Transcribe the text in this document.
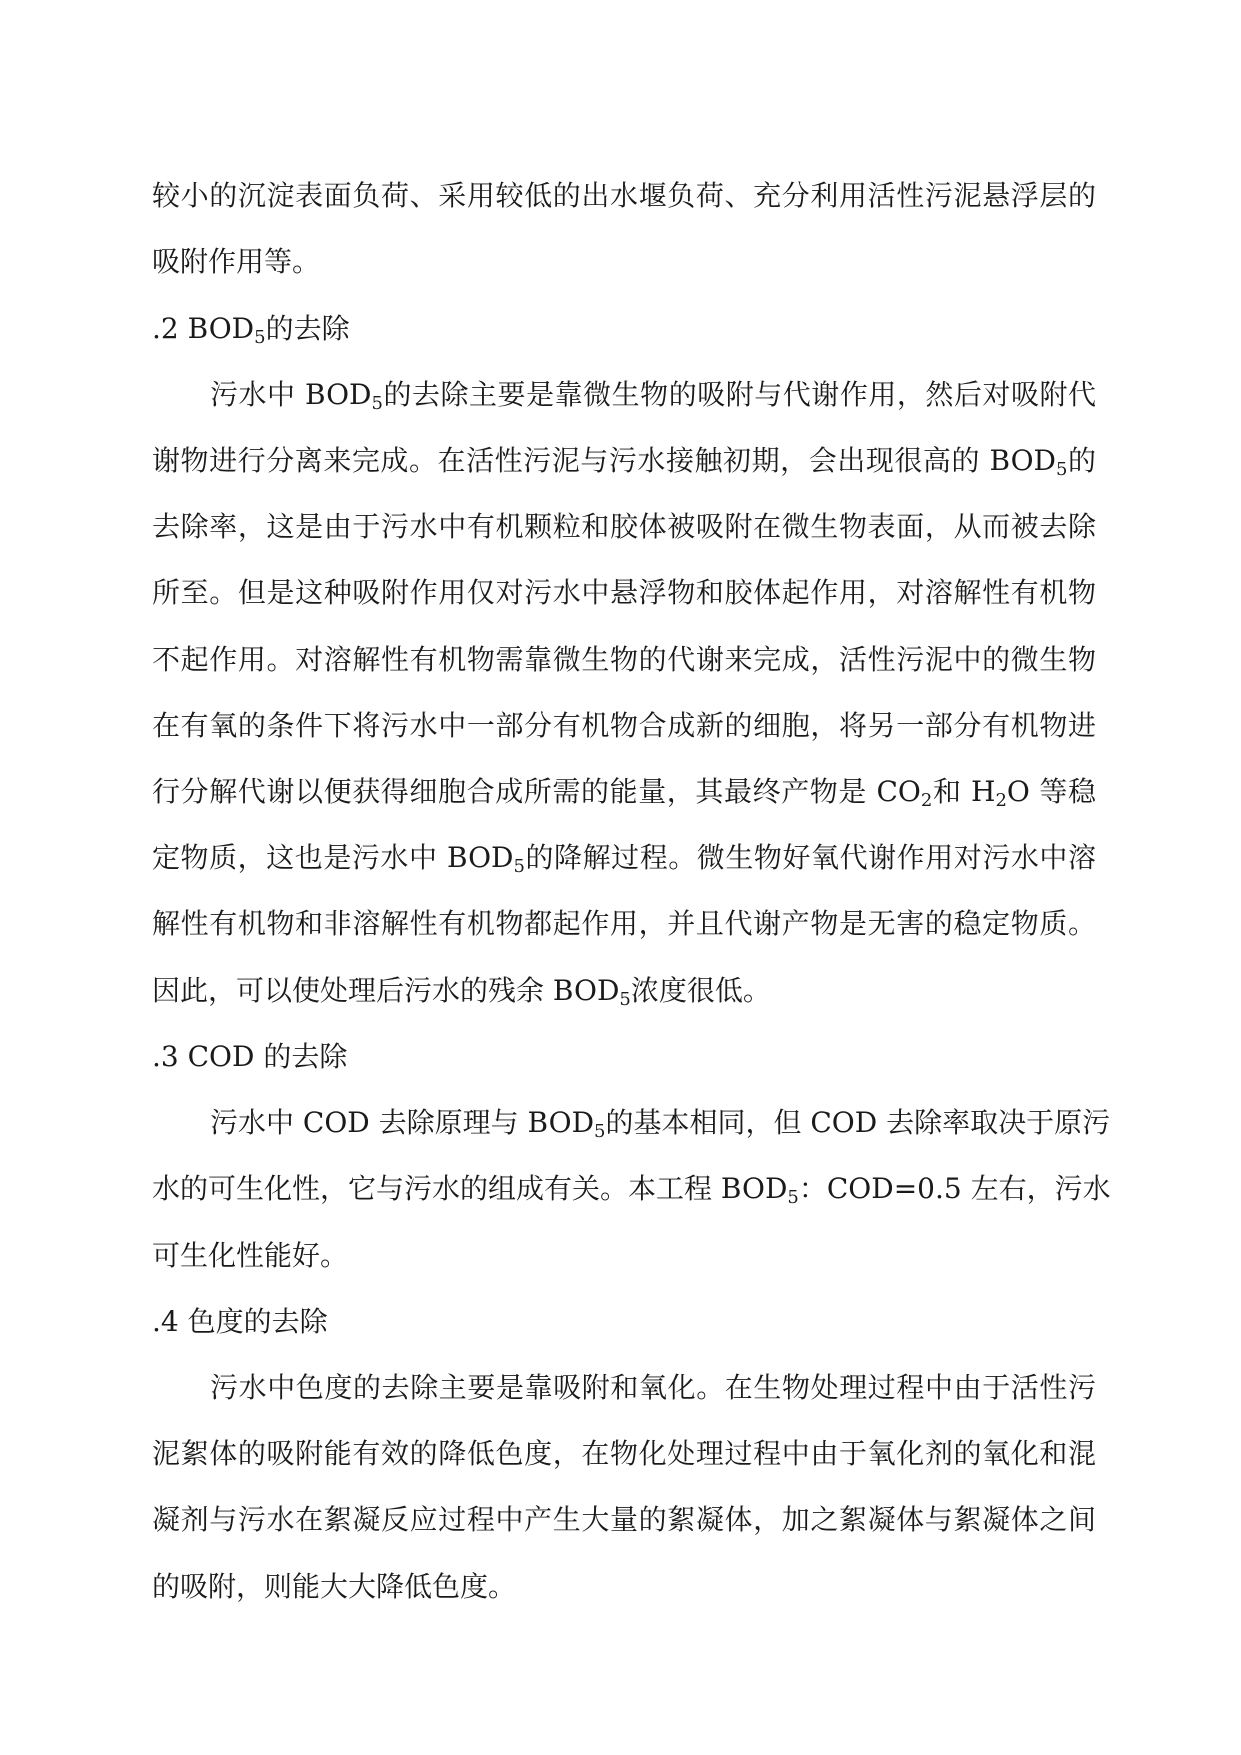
较小的沉淀表面负荷、采用较低的出水堰负荷、充分利用活性污泥悬浮层的
吸附作用等。
.2 $BOD_5$的去除
污水中 $BOD_5$的去除主要是靠微生物的吸附与代谢作用，然后对吸附代
谢物进行分离来完成。在活性污泥与污水接触初期，会出现很高的 $BOD_5$的
去除率，这是由于污水中有机颗粒和胶体被吸附在微生物表面，从而被去除
所至。但是这种吸附作用仅对污水中悬浮物和胶体起作用，对溶解性有机物
不起作用。对溶解性有机物需靠微生物的代谢来完成，活性污泥中的微生物
在有氧的条件下将污水中一部分有机物合成新的细胞，将另一部分有机物进
行分解代谢以便获得细胞合成所需的能量，其最终产物是 $CO_2$和 $H_2O$ 等稳
定物质，这也是污水中 $BOD_5$的降解过程。微生物好氧代谢作用对污水中溶
解性有机物和非溶解性有机物都起作用，并且代谢产物是无害的稳定物质。
因此，可以使处理后污水的残余 $BOD_5$浓度很低。
.3 COD 的去除
污水中 COD 去除原理与 $BOD_5$的基本相同，但 COD 去除率取决于原污
水的可生化性，它与污水的组成有关。本工程 $BOD_5$：COD=0.5 左右，污水
可生化性能好。
.4 色度的去除
污水中色度的去除主要是靠吸附和氧化。在生物处理过程中由于活性污
泥絮体的吸附能有效的降低色度，在物化处理过程中由于氧化剂的氧化和混
凝剂与污水在絮凝反应过程中产生大量的絮凝体，加之絮凝体与絮凝体之间
的吸附，则能大大降低色度。
